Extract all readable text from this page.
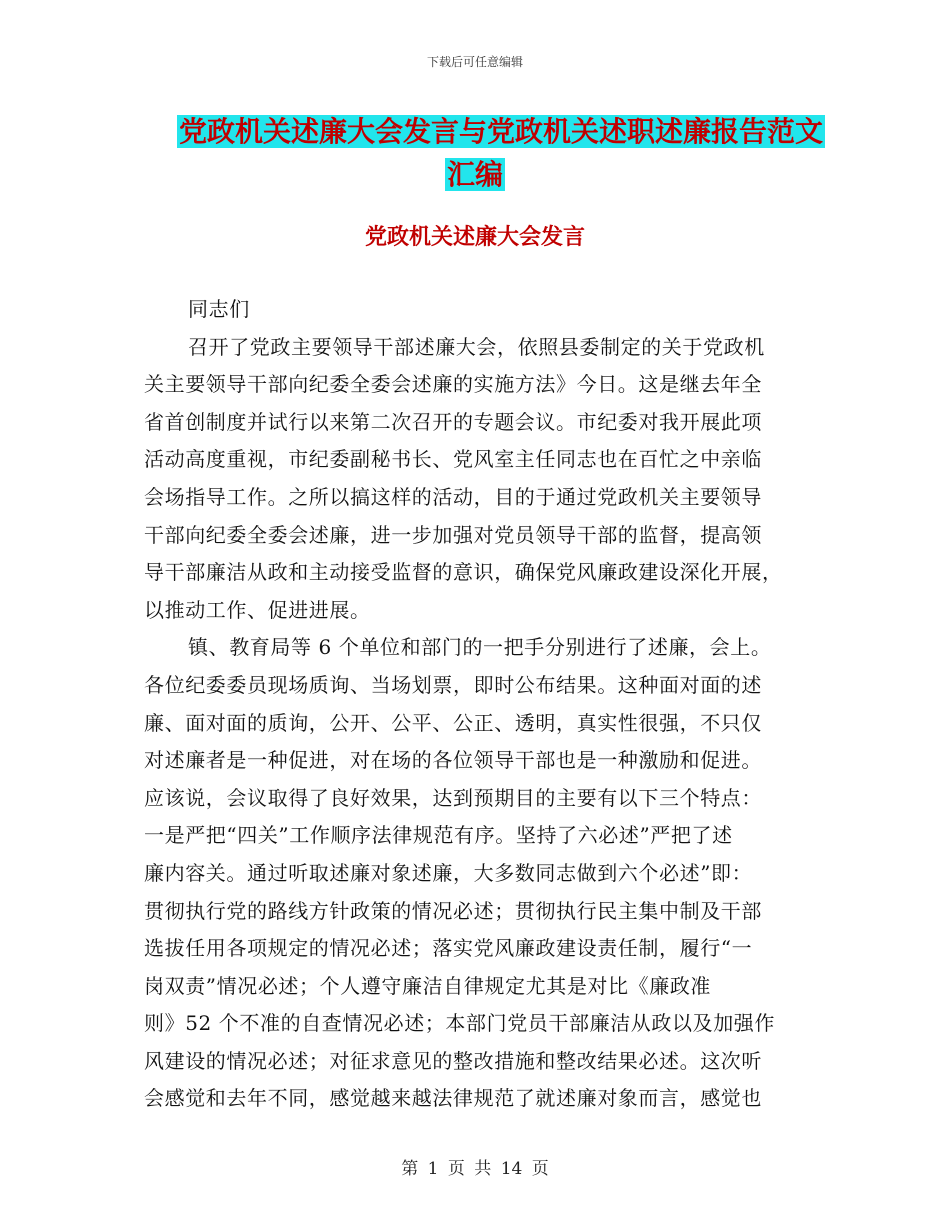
下载后可任意编辑
党政机关述廉大会发言与党政机关述职述廉报告范文
汇编
党政机关述廉大会发言

同志们

召开了党政主要领导干部述廉大会，依照县委制定的关于党政机
关主要领导干部向纪委全委会述廉的实施方法》今日。这是继去年全
省首创制度并试行以来第二次召开的专题会议。市纪委对我开展此项
活动高度重视，市纪委副秘书长、党风室主任同志也在百忙之中亲临
会场指导工作。之所以搞这样的活动，目的于通过党政机关主要领导
干部向纪委全委会述廉，进一步加强对党员领导干部的监督，提高领
导干部廉洁从政和主动接受监督的意识，确保党风廉政建设深化开展，
以推动工作、促进进展。

镇、教育局等 6 个单位和部门的一把手分别进行了述廉，会上。
各位纪委委员现场质询、当场划票，即时公布结果。这种面对面的述
廉、面对面的质询，公开、公平、公正、透明，真实性很强，不只仅
对述廉者是一种促进，对在场的各位领导干部也是一种激励和促进。
应该说，会议取得了良好效果，达到预期目的主要有以下三个特点：
一是严把“四关”工作顺序法律规范有序。坚持了六必述”严把了述
廉内容关。通过听取述廉对象述廉，大多数同志做到六个必述”即：
贯彻执行党的路线方针政策的情况必述；贯彻执行民主集中制及干部
选拔任用各项规定的情况必述；落实党风廉政建设责任制，履行“一
岗双责”情况必述；个人遵守廉洁自律规定尤其是对比《廉政准
则》52 个不准的自查情况必述；本部门党员干部廉洁从政以及加强作
风建设的情况必述；对征求意见的整改措施和整改结果必述。这次听
会感觉和去年不同，感觉越来越法律规范了就述廉对象而言，感觉也

第 1 页 共 14 页
